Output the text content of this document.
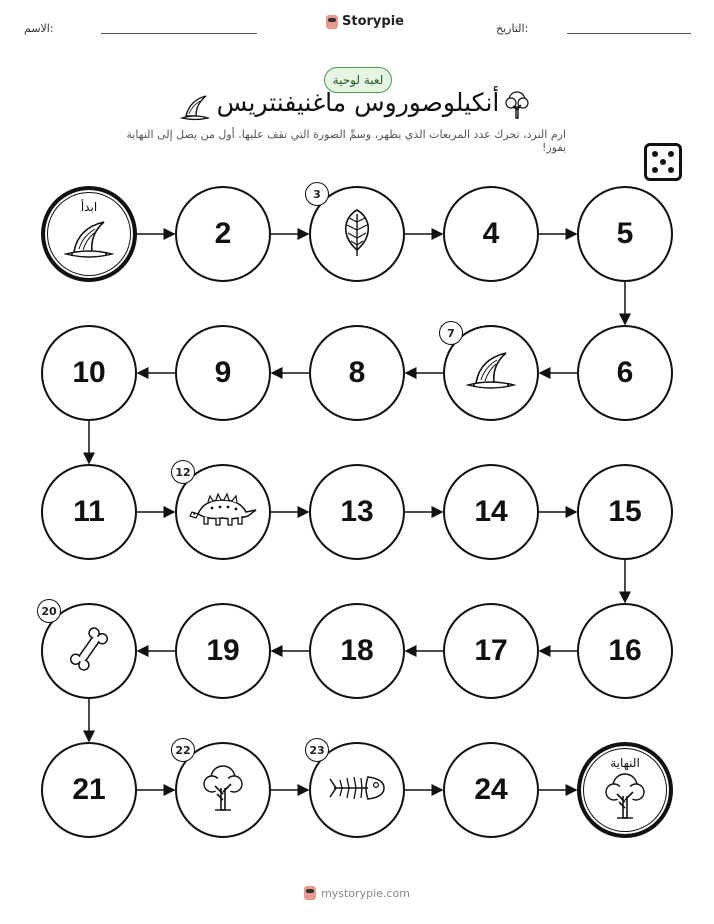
الاسم:	Storypie	التاريخ:
لعبة لوحية
أنكيلوصوروس ماغنيفنتريس
ارم النرد، تحرك عدد المربعات الذي يظهر، وسمِّ الصورة التي تقف عليها. أول من يصل إلى النهاية يفوز!
ابدأ
2
3
4	5
6
7
8
9
10
11
12
13	14	15
16
17
18
19
20
21
22	23
24
النهاية
mystorypie.com
